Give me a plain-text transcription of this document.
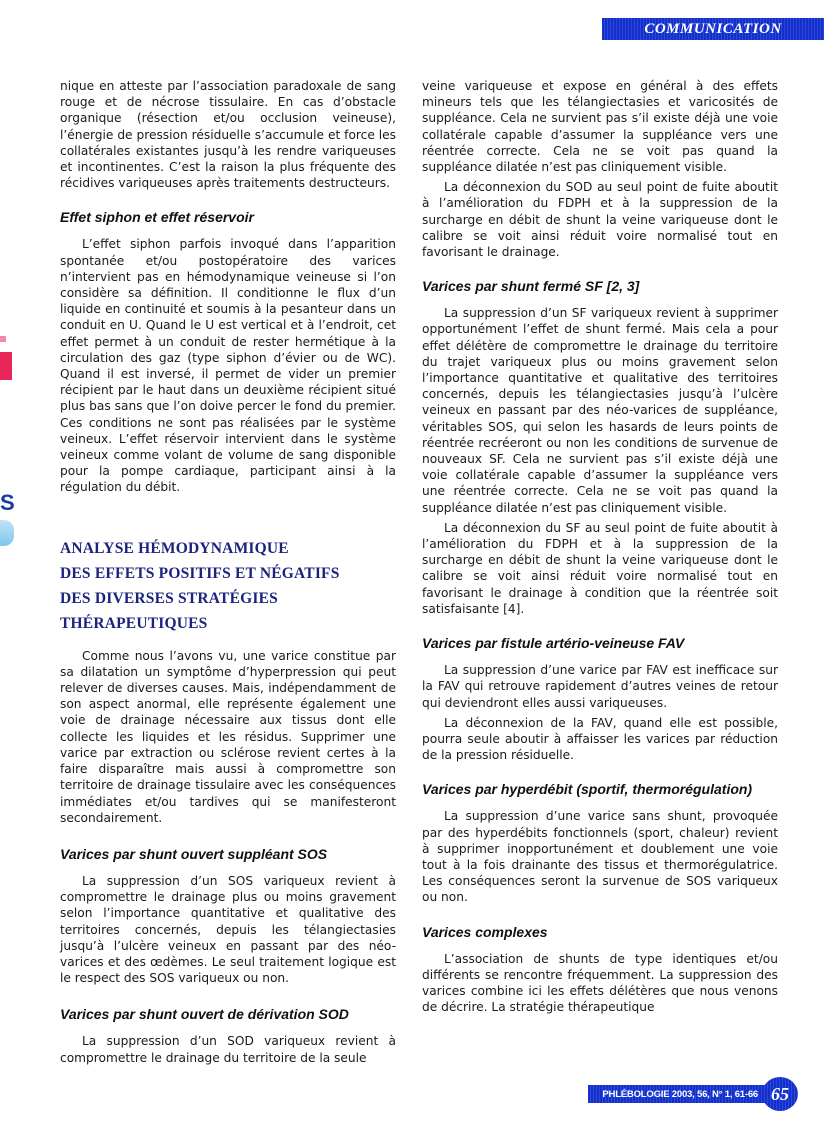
COMMUNICATION
S

nique en atteste par l’association paradoxale de sang rouge et de nécrose tissulaire. En cas d’obstacle organique (résection et/ou occlusion veineuse), l’énergie de pression résiduelle s’accumule et force les collatérales existantes jusqu’à les rendre variqueuses et incontinentes. C’est la raison la plus fréquente des récidives variqueuses après traitements destructeurs.

Effet siphon et effet réservoir

L’effet siphon parfois invoqué dans l’apparition spontanée et/ou postopératoire des varices n’intervient pas en hémodynamique veineuse si l’on considère sa définition. Il conditionne le flux d’un liquide en continuité et soumis à la pesanteur dans un conduit en U. Quand le U est vertical et à l’endroit, cet effet permet à un conduit de rester hermétique à la circulation des gaz (type siphon d’évier ou de WC). Quand il est inversé, il permet de vider un premier récipient par le haut dans un deuxième récipient situé plus bas sans que l’on doive percer le fond du premier. Ces conditions ne sont pas réalisées par le système veineux. L’effet réservoir intervient dans le système veineux comme volant de volume de sang disponible pour la pompe cardiaque, participant ainsi à la régulation du débit.

ANALYSE HÉMODYNAMIQUE
DES EFFETS POSITIFS ET NÉGATIFS
DES DIVERSES STRATÉGIES
THÉRAPEUTIQUES

Comme nous l’avons vu, une varice constitue par sa dilatation un symptôme d’hyperpression qui peut relever de diverses causes. Mais, indépendamment de son aspect anormal, elle représente également une voie de drainage nécessaire aux tissus dont elle collecte les liquides et les résidus. Supprimer une varice par extraction ou sclérose revient certes à la faire disparaître mais aussi à compromettre son territoire de drainage tissulaire avec les conséquences immédiates et/ou tardives qui se manifesteront secondairement.

Varices par shunt ouvert suppléant SOS

La suppression d’un SOS variqueux revient à compromettre le drainage plus ou moins gravement selon l’importance quantitative et qualitative des territoires concernés, depuis les télangiectasies jusqu’à l’ulcère veineux en passant par des néo-varices et des œdèmes. Le seul traitement logique est le respect des SOS variqueux ou non.

Varices par shunt ouvert de dérivation SOD

La suppression d’un SOD variqueux revient à compromettre le drainage du territoire de la seule

veine variqueuse et expose en général à des effets mineurs tels que les télangiectasies et varicosités de suppléance. Cela ne survient pas s’il existe déjà une voie collatérale capable d’assumer la suppléance vers une réentrée correcte. Cela ne se voit pas quand la suppléance dilatée n’est pas cliniquement visible.

La déconnexion du SOD au seul point de fuite aboutit à l’amélioration du FDPH et à la suppression de la surcharge en débit de shunt la veine variqueuse dont le calibre se voit ainsi réduit voire normalisé tout en favorisant le drainage.

Varices par shunt fermé SF [2, 3]

La suppression d’un SF variqueux revient à supprimer opportunément l’effet de shunt fermé. Mais cela a pour effet délétère de compromettre le drainage du territoire du trajet variqueux plus ou moins gravement selon l’importance quantitative et qualitative des territoires concernés, depuis les télangiectasies jusqu’à l’ulcère veineux en passant par des néo-varices de suppléance, véritables SOS, qui selon les hasards de leurs points de réentrée recréeront ou non les conditions de survenue de nouveaux SF. Cela ne survient pas s’il existe déjà une voie collatérale capable d’assumer la suppléance vers une réentrée correcte. Cela ne se voit pas quand la suppléance dilatée n’est pas cliniquement visible.

La déconnexion du SF au seul point de fuite aboutit à l’amélioration du FDPH et à la suppression de la surcharge en débit de shunt la veine variqueuse dont le calibre se voit ainsi réduit voire normalisé tout en favorisant le drainage à condition que la réentrée soit satisfaisante [4].

Varices par fistule artério-veineuse FAV

La suppression d’une varice par FAV est inefficace sur la FAV qui retrouve rapidement d’autres veines de retour qui deviendront elles aussi variqueuses.

La déconnexion de la FAV, quand elle est possible, pourra seule aboutir à affaisser les varices par réduction de la pression résiduelle.

Varices par hyperdébit (sportif, thermorégulation)

La suppression d’une varice sans shunt, provoquée par des hyperdébits fonctionnels (sport, chaleur) revient à supprimer inopportunément et doublement une voie tout à la fois drainante des tissus et thermorégulatrice. Les conséquences seront la survenue de SOS variqueux ou non.

Varices complexes

L’association de shunts de type identiques et/ou différents se rencontre fréquemment. La suppression des varices combine ici les effets délétères que nous venons de décrire. La stratégie thérapeutique

PHLÉBOLOGIE 2003, 56, N° 1, 61-66 65
